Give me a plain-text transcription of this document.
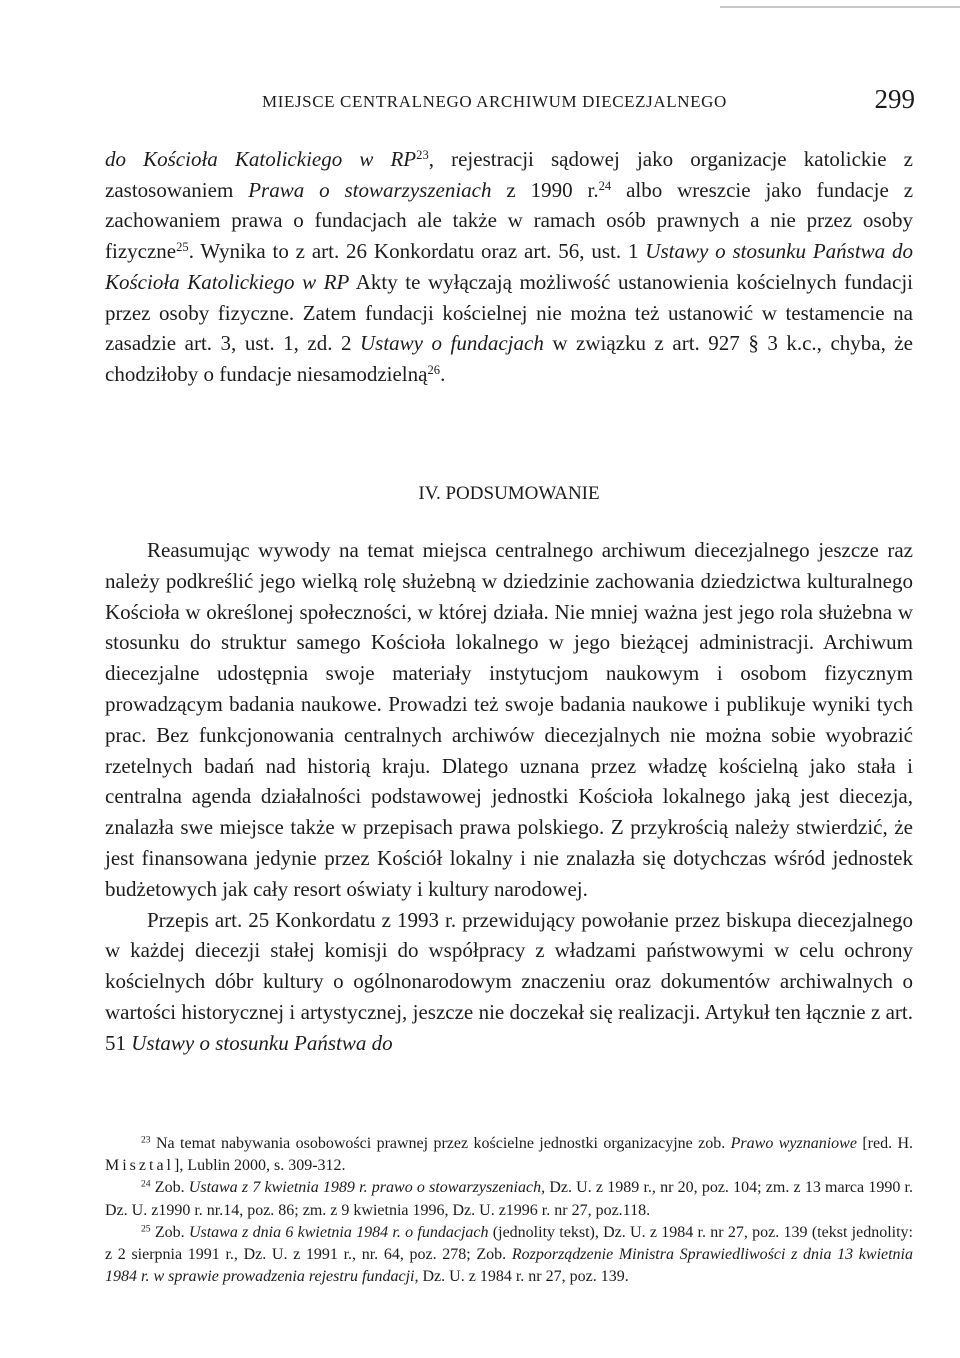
MIEJSCE CENTRALNEGO ARCHIWUM DIECEZJALNEGO	299

do Kościoła Katolickiego w RP$^{23}$, rejestracji sądowej jako organizacje katolickie z zastosowaniem Prawa o stowarzyszeniach z 1990 r.$^{24}$ albo wreszcie jako fundacje z zachowaniem prawa o fundacjach ale także w ramach osób prawnych a nie przez osoby fizyczne$^{25}$. Wynika to z art. 26 Konkordatu oraz art. 56, ust. 1 Ustawy o stosunku Państwa do Kościoła Katolickiego w RP Akty te wyłączają możliwość ustanowienia kościelnych fundacji przez osoby fizyczne. Zatem fundacji kościelnej nie można też ustanowić w testamencie na zasadzie art. 3, ust. 1, zd. 2 Ustawy o fundacjach w związku z art. 927 § 3 k.c., chyba, że chodziłoby o fundacje niesamodzielną$^{26}$.

IV. PODSUMOWANIE

Reasumując wywody na temat miejsca centralnego archiwum diecezjalnego jeszcze raz należy podkreślić jego wielką rolę służebną w dziedzinie zachowania dziedzictwa kulturalnego Kościoła w określonej społeczności, w której działa. Nie mniej ważna jest jego rola służebna w stosunku do struktur samego Kościoła lokalnego w jego bieżącej administracji. Archiwum diecezjalne udostępnia swoje materiały instytucjom naukowym i osobom fizycznym prowadzącym badania naukowe. Prowadzi też swoje badania naukowe i publikuje wyniki tych prac. Bez funkcjonowania centralnych archiwów diecezjalnych nie można sobie wyobrazić rzetelnych badań nad historią kraju. Dlatego uznana przez władzę kościelną jako stała i centralna agenda działalności podstawowej jednostki Kościoła lokalnego jaką jest diecezja, znalazła swe miejsce także w przepisach prawa polskiego. Z przykrością należy stwierdzić, że jest finansowana jedynie przez Kościół lokalny i nie znalazła się dotychczas wśród jednostek budżetowych jak cały resort oświaty i kultury narodowej.

Przepis art. 25 Konkordatu z 1993 r. przewidujący powołanie przez biskupa diecezjalnego w każdej diecezji stałej komisji do współpracy z władzami państwowymi w celu ochrony kościelnych dóbr kultury o ogólnonarodowym znaczeniu oraz dokumentów archiwalnych o wartości historycznej i artystycznej, jeszcze nie doczekał się realizacji. Artykuł ten łącznie z art. 51 Ustawy o stosunku Państwa do

$^{23}$ Na temat nabywania osobowości prawnej przez kościelne jednostki organizacyjne zob. Prawo wyznaniowe [red. H. Misztal], Lublin 2000, s. 309-312.

$^{24}$ Zob. Ustawa z 7 kwietnia 1989 r. prawo o stowarzyszeniach, Dz. U. z 1989 r., nr 20, poz. 104; zm. z 13 marca 1990 r. Dz. U. z1990 r. nr.14, poz. 86; zm. z 9 kwietnia 1996, Dz. U. z1996 r. nr 27, poz.118.

$^{25}$ Zob. Ustawa z dnia 6 kwietnia 1984 r. o fundacjach (jednolity tekst), Dz. U. z 1984 r. nr 27, poz. 139 (tekst jednolity: z 2 sierpnia 1991 r., Dz. U. z 1991 r., nr. 64, poz. 278; Zob. Rozporządzenie Ministra Sprawiedliwości z dnia 13 kwietnia 1984 r. w sprawie prowadzenia rejestru fundacji, Dz. U. z 1984 r. nr 27, poz. 139.
